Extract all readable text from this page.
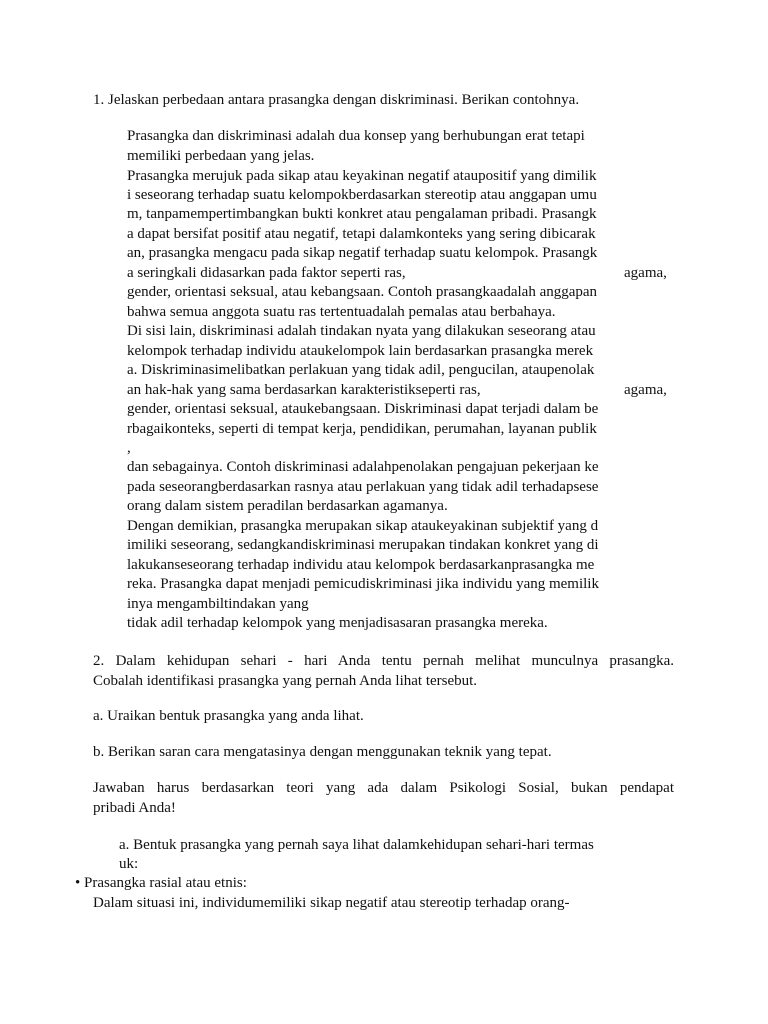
1. Jelaskan perbedaan antara prasangka dengan diskriminasi. Berikan contohnya.
Prasangka dan diskriminasi adalah dua konsep yang berhubungan erat tetapi
memiliki perbedaan yang jelas.
Prasangka merujuk pada sikap atau keyakinan negatif ataupositif yang dimilik
i seseorang terhadap suatu kelompokberdasarkan stereotip atau anggapan umu
m, tanpamempertimbangkan bukti konkret atau pengalaman pribadi. Prasangk
a dapat bersifat positif atau negatif, tetapi dalamkonteks yang sering dibicarak
an, prasangka mengacu pada sikap negatif terhadap suatu kelompok. Prasangk
a seringkali didasarkan pada faktor seperti ras,	agama,
gender, orientasi seksual, atau kebangsaan. Contoh prasangkaadalah anggapan
bahwa semua anggota suatu ras tertentuadalah pemalas atau berbahaya.
Di sisi lain, diskriminasi adalah tindakan nyata yang dilakukan seseorang atau
kelompok terhadap individu ataukelompok lain berdasarkan prasangka merek
a. Diskriminasimelibatkan perlakuan yang tidak adil, pengucilan, ataupenolak
an hak-hak yang sama berdasarkan karakteristikseperti ras,	agama,
gender, orientasi seksual, ataukebangsaan. Diskriminasi dapat terjadi dalam be
rbagaikonteks, seperti di tempat kerja, pendidikan, perumahan, layanan publik
,
dan sebagainya. Contoh diskriminasi adalahpenolakan pengajuan pekerjaan ke
pada seseorangberdasarkan rasnya atau perlakuan yang tidak adil terhadapsese
orang dalam sistem peradilan berdasarkan agamanya.
Dengan demikian, prasangka merupakan sikap ataukeyakinan subjektif yang d
imiliki seseorang, sedangkandiskriminasi merupakan tindakan konkret yang di
lakukanseseorang terhadap individu atau kelompok berdasarkanprasangka me
reka. Prasangka dapat menjadi pemicudiskriminasi jika individu yang memilik
inya mengambiltindakan yang
tidak adil terhadap kelompok yang menjadisasaran prasangka mereka.
2. Dalam kehidupan sehari - hari Anda tentu pernah melihat munculnya prasangka.
Cobalah identifikasi prasangka yang pernah Anda lihat tersebut.
a. Uraikan bentuk prasangka yang anda lihat.
b. Berikan saran cara mengatasinya dengan menggunakan teknik yang tepat.
Jawaban harus berdasarkan teori yang ada dalam Psikologi Sosial, bukan pendapat
pribadi Anda!
a. Bentuk prasangka yang pernah saya lihat dalamkehidupan sehari-hari termas
uk:
• Prasangka rasial atau etnis:
Dalam situasi ini, individumemiliki sikap negatif atau stereotip terhadap orang-
